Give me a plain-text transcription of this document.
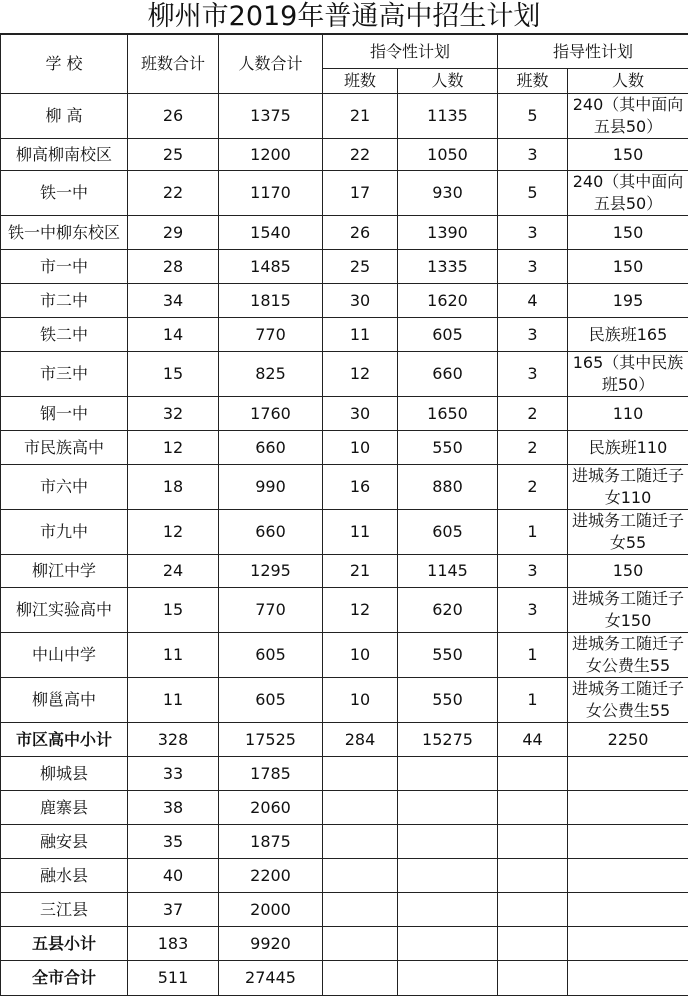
柳州市2019年普通高中招生计划
学 校	班数合计	人数合计	指令性计划		指导性计划	
			班数	人数	班数	人数
柳 高	26	1375	21	1135	5	240（其中面向五县50）
柳高柳南校区	25	1200	22	1050	3	150
铁一中	22	1170	17	930	5	240（其中面向五县50）
铁一中柳东校区	29	1540	26	1390	3	150
市一中	28	1485	25	1335	3	150
市二中	34	1815	30	1620	4	195
铁二中	14	770	11	605	3	民族班165
市三中	15	825	12	660	3	165（其中民族班50）
钢一中	32	1760	30	1650	2	110
市民族高中	12	660	10	550	2	民族班110
市六中	18	990	16	880	2	进城务工随迁子女110
市九中	12	660	11	605	1	进城务工随迁子女55
柳江中学	24	1295	21	1145	3	150
柳江实验高中	15	770	12	620	3	进城务工随迁子女150
中山中学	11	605	10	550	1	进城务工随迁子女公费生55
柳邕高中	11	605	10	550	1	进城务工随迁子女公费生55
市区高中小计	328	17525	284	15275	44	2250
柳城县	33	1785				
鹿寨县	38	2060				
融安县	35	1875				
融水县	40	2200				
三江县	37	2000				
五县小计	183	9920				
全市合计	511	27445				
